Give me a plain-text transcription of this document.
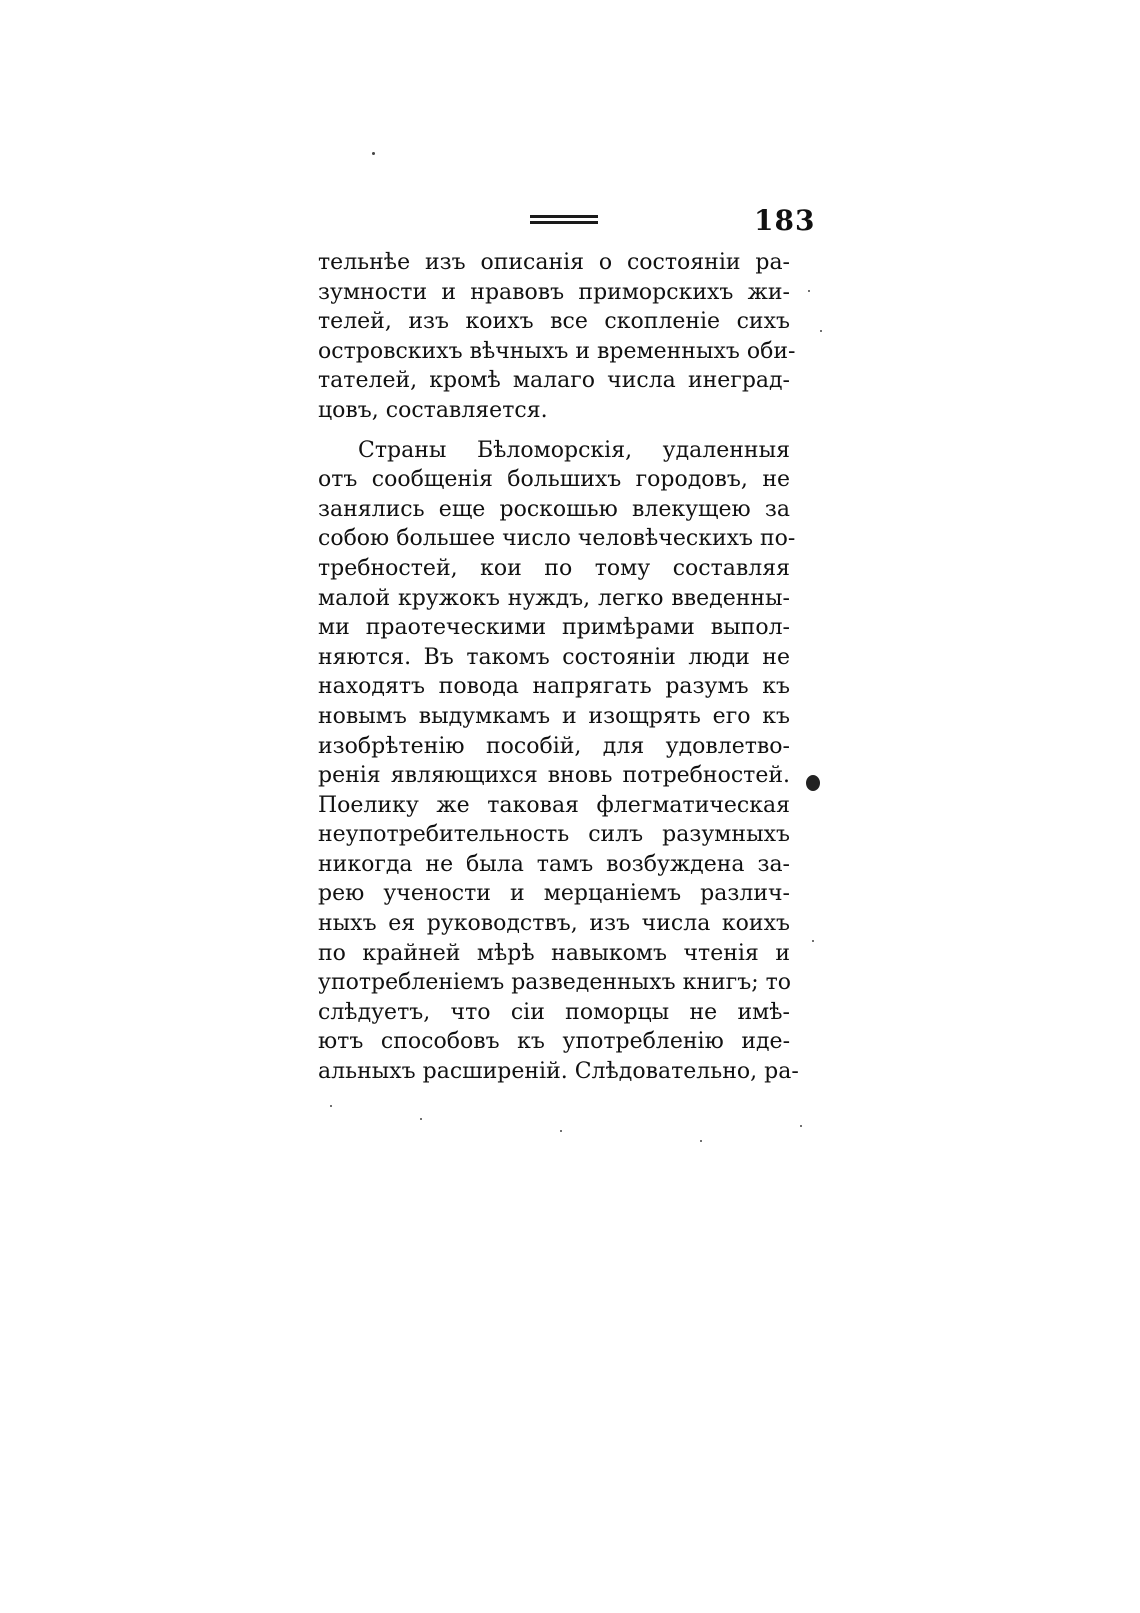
183
тельнѣе изъ описанія о состояніи ра-
зумности и нравовъ приморскихъ жи-
телей, изъ коихъ все скопленіе сихъ
островскихъ вѣчныхъ и временныхъ оби-
тателей, кромѣ малаго числа инеград-
цовъ, составляется.
Страны Бѣломорскія, удаленныя
отъ сообщенія большихъ городовъ, не
занялись еще роскошью влекущею за
собою большее число человѣческихъ по-
требностей, кои по тому составляя
малой кружокъ нуждъ, легко введенны-
ми праотеческими примѣрами выпол-
няются. Въ такомъ состояніи люди не
находятъ повода напрягать разумъ къ
новымъ выдумкамъ и изощрять его къ
изобрѣтенію пособій, для удовлетво-
ренія являющихся вновь потребностей.
Поелику же таковая флегматическая
неупотребительность силъ разумныхъ
никогда не была тамъ возбуждена за-
рею учености и мерцаніемъ различ-
ныхъ ея руководствъ, изъ числа коихъ
по крайней мѣрѣ навыкомъ чтенія и
употребленіемъ разведенныхъ книгъ; то
слѣдуетъ, что сіи поморцы не имѣ-
ютъ способовъ къ употребленію иде-
альныхъ расширеній. Слѣдовательно, ра-
